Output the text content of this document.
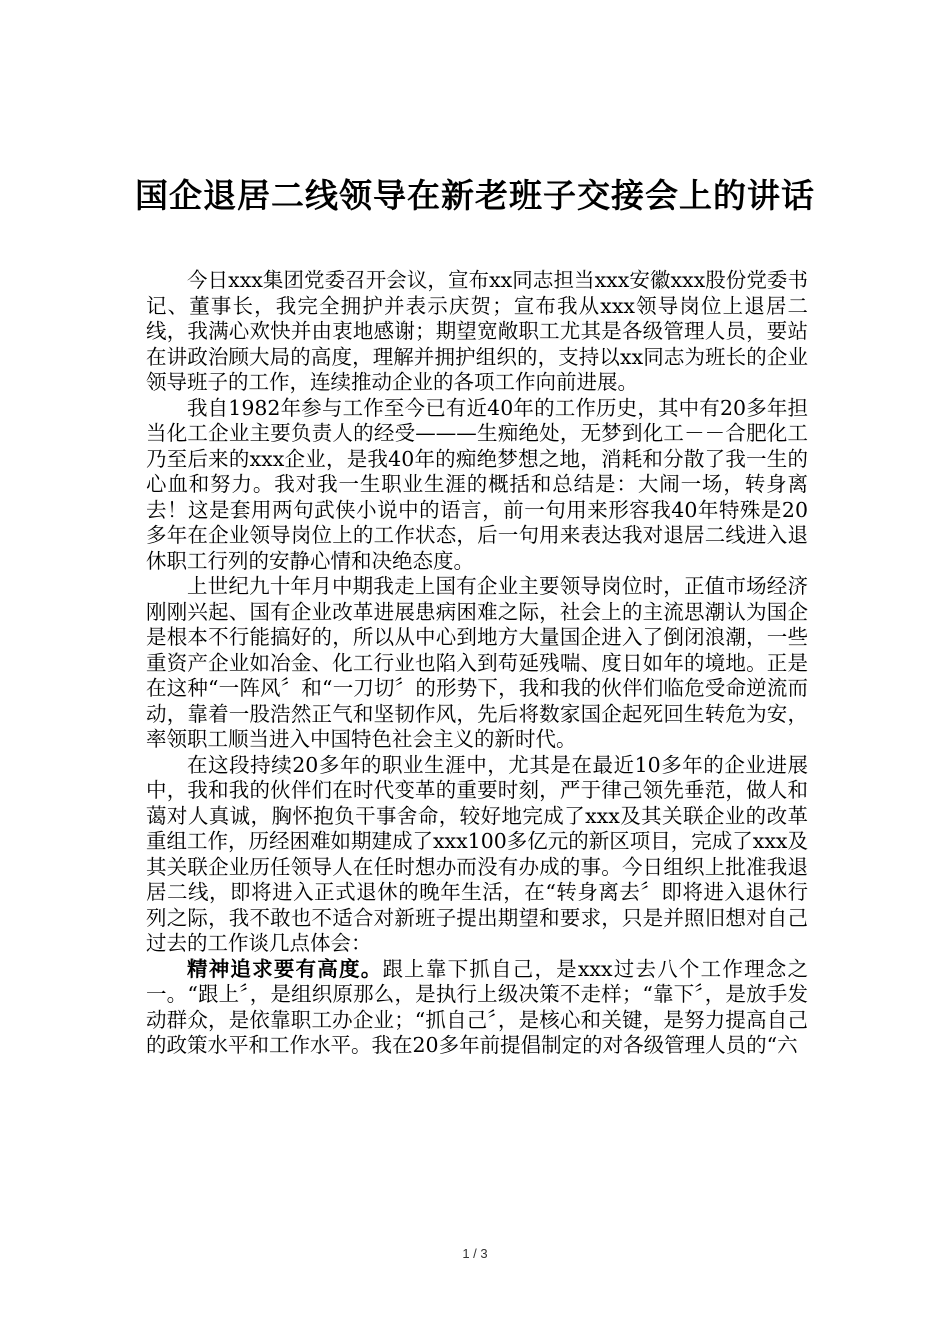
国企退居二线领导在新老班子交接会上的讲话

今日xxx集团党委召开会议，宣布xx同志担当xxx安徽xxx股份党委书记、董事长，我完全拥护并表示庆贺；宣布我从xxx领导岗位上退居二线，我满心欢快并由衷地感谢；期望宽敞职工尤其是各级管理人员，要站在讲政治顾大局的高度，理解并拥护组织的，支持以xx同志为班长的企业领导班子的工作，连续推动企业的各项工作向前进展。

我自1982年参与工作至今已有近40年的工作历史，其中有20多年担当化工企业主要负责人的经受———生痴绝处，无梦到化工－－合肥化工乃至后来的xxx企业，是我40年的痴绝梦想之地，消耗和分散了我一生的心血和努力。我对我一生职业生涯的概括和总结是：大闹一场，转身离去！这是套用两句武侠小说中的语言，前一句用来形容我40年特殊是20多年在企业领导岗位上的工作状态，后一句用来表达我对退居二线进入退休职工行列的安静心情和决绝态度。

上世纪九十年月中期我走上国有企业主要领导岗位时，正值市场经济刚刚兴起、国有企业改革进展患病困难之际，社会上的主流思潮认为国企是根本不行能搞好的，所以从中心到地方大量国企进入了倒闭浪潮，一些重资产企业如冶金、化工行业也陷入到苟延残喘、度日如年的境地。正是在这种“一阵风〞和“一刀切〞的形势下，我和我的伙伴们临危受命逆流而动，靠着一股浩然正气和坚韧作风，先后将数家国企起死回生转危为安，率领职工顺当进入中国特色社会主义的新时代。

在这段持续20多年的职业生涯中，尤其是在最近10多年的企业进展中，我和我的伙伴们在时代变革的重要时刻，严于律己领先垂范，做人和蔼对人真诚，胸怀抱负干事舍命，较好地完成了xxx及其关联企业的改革重组工作，历经困难如期建成了xxx100多亿元的新区项目，完成了xxx及其关联企业历任领导人在任时想办而没有办成的事。今日组织上批准我退居二线，即将进入正式退休的晚年生活，在“转身离去〞即将进入退休行列之际，我不敢也不适合对新班子提出期望和要求，只是并照旧想对自己过去的工作谈几点体会：

精神追求要有高度。跟上靠下抓自己，是xxx过去八个工作理念之一。“跟上〞，是组织原那么，是执行上级决策不走样；“靠下〞，是放手发动群众，是依靠职工办企业；“抓自己〞，是核心和关键，是努力提高自己的政策水平和工作水平。我在20多年前提倡制定的对各级管理人员的“六

1 / 3
